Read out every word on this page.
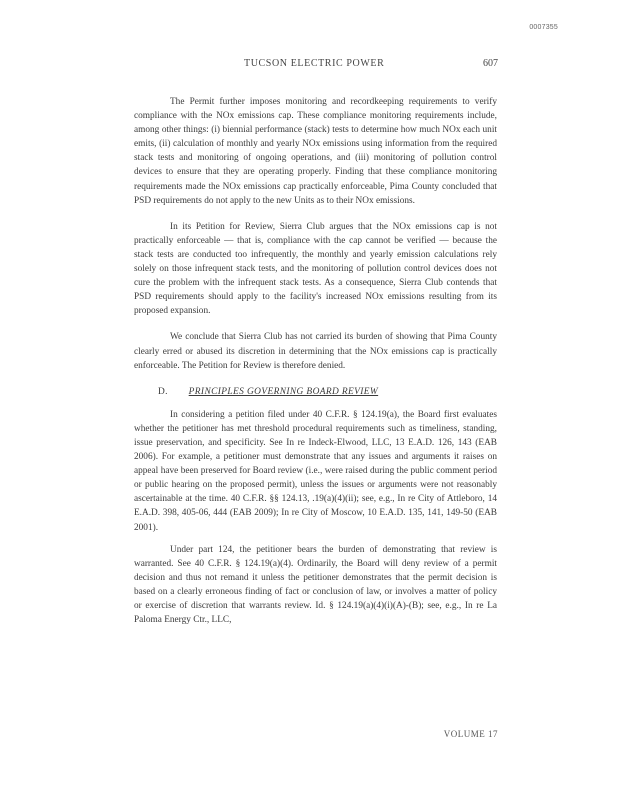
0007355
TUCSON ELECTRIC POWER	607

The Permit further imposes monitoring and recordkeeping requirements to verify compliance with the NOx emissions cap. These compliance monitoring requirements include, among other things: (i) biennial performance (stack) tests to determine how much NOx each unit emits, (ii) calculation of monthly and yearly NOx emissions using information from the required stack tests and monitoring of ongoing operations, and (iii) monitoring of pollution control devices to ensure that they are operating properly. Finding that these compliance monitoring requirements made the NOx emissions cap practically enforceable, Pima County concluded that PSD requirements do not apply to the new Units as to their NOx emissions.

In its Petition for Review, Sierra Club argues that the NOx emissions cap is not practically enforceable — that is, compliance with the cap cannot be verified — because the stack tests are conducted too infrequently, the monthly and yearly emission calculations rely solely on those infrequent stack tests, and the monitoring of pollution control devices does not cure the problem with the infrequent stack tests. As a consequence, Sierra Club contends that PSD requirements should apply to the facility's increased NOx emissions resulting from its proposed expansion.

We conclude that Sierra Club has not carried its burden of showing that Pima County clearly erred or abused its discretion in determining that the NOx emissions cap is practically enforceable. The Petition for Review is therefore denied.

D. PRINCIPLES GOVERNING BOARD REVIEW

In considering a petition filed under 40 C.F.R. § 124.19(a), the Board first evaluates whether the petitioner has met threshold procedural requirements such as timeliness, standing, issue preservation, and specificity. See In re Indeck-Elwood, LLC, 13 E.A.D. 126, 143 (EAB 2006). For example, a petitioner must demonstrate that any issues and arguments it raises on appeal have been preserved for Board review (i.e., were raised during the public comment period or public hearing on the proposed permit), unless the issues or arguments were not reasonably ascertainable at the time. 40 C.F.R. §§ 124.13, .19(a)(4)(ii); see, e.g., In re City of Attleboro, 14 E.A.D. 398, 405-06, 444 (EAB 2009); In re City of Moscow, 10 E.A.D. 135, 141, 149-50 (EAB 2001).

Under part 124, the petitioner bears the burden of demonstrating that review is warranted. See 40 C.F.R. § 124.19(a)(4). Ordinarily, the Board will deny review of a permit decision and thus not remand it unless the petitioner demonstrates that the permit decision is based on a clearly erroneous finding of fact or conclusion of law, or involves a matter of policy or exercise of discretion that warrants review. Id. § 124.19(a)(4)(i)(A)-(B); see, e.g., In re La Paloma Energy Ctr., LLC,

VOLUME 17
